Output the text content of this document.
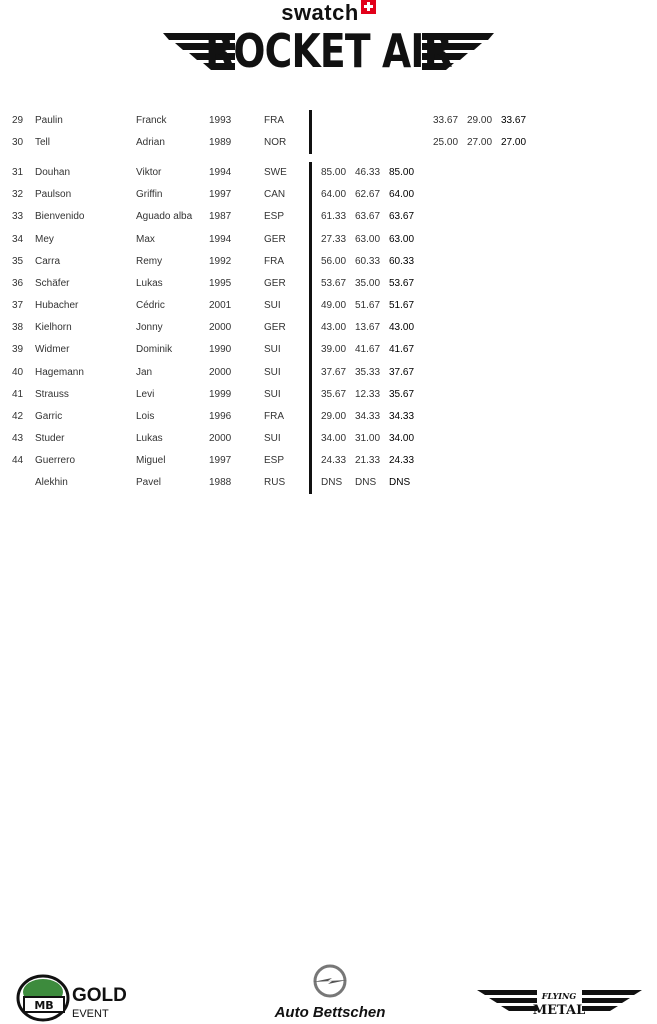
swatch
ROCKET AIR
29 Paulin	Franck	1993	FRA	33.67 29.00 33.67
30 Tell	Adrian	1989	NOR	25.00 27.00 27.00
31 Douhan	Viktor	1994	SWE	85.00 46.33 85.00
32 Paulson	Griffin	1997	CAN	64.00 62.67 64.00
33 Bienvenido	Aguado alba 1987	ESP	61.33 63.67 63.67
34 Mey	Max	1994	GER	27.33 63.00 63.00
35 Carra	Remy	1992	FRA	56.00 60.33 60.33
36 Schäfer	Lukas	1995	GER	53.67 35.00 53.67
37 Hubacher	Cédric	2001	SUI	49.00 51.67 51.67
38 Kielhorn	Jonny	2000	GER	43.00 13.67 43.00
39 Widmer	Dominik	1990	SUI	39.00 41.67 41.67
40 Hagemann	Jan	2000	SUI	37.67 35.33 37.67
41 Strauss	Levi	1999	SUI	35.67 12.33 35.67
42 Garric	Lois	1996	FRA	29.00 34.33 34.33
43 Studer	Lukas	2000	SUI	34.00 31.00 34.00
44 Guerrero	Miguel	1997	ESP	24.33 21.33 24.33
Alekhin	Pavel	1988	RUS	DNS DNS DNS
MB GOLD
EVENT	Auto Bettschen
FLYING
METAL
